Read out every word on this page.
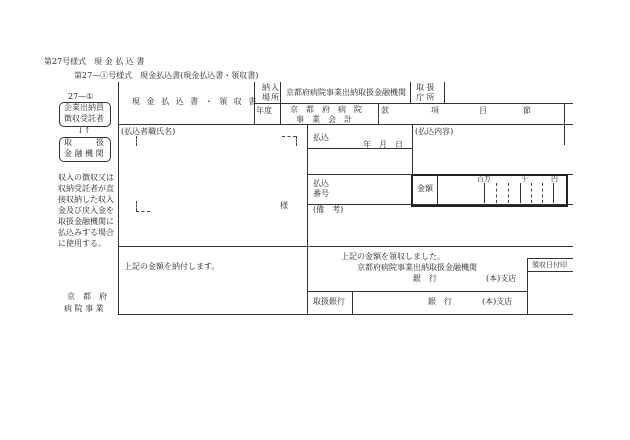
第27号様式　現 金 払 込 書
第27—①号様式　現金払込書(現金払込書・領収書)
27—①
企業出納員
徴収受託者
↓↑
取　　　扱
金 融 機 関
収入の徴収又は
収納受託者が直
接収納した収入
金及び戻入金を
取扱金融機関に
払込みする場合
に使用する。
京　都　府
病 院 事 業
現 金 払 込 書 ・ 領 収 書
納 入
場 所
京都府病院事業出納取扱金融機関
取 扱
庁 所
年度 京　都　府　病　院
事　業　会　計
款	項	目	節
(払込者職氏名)
様
払込
年　月　日
(払込内容)
払込
番号
金額
百万	千	円
(備　考)
上記の金額を納付します。
上記の金額を領収しました。
京都府病院事業出納取扱金融機関
銀　行	(本)支店
領収日付印
取扱銀行	銀　行	(本)支店
